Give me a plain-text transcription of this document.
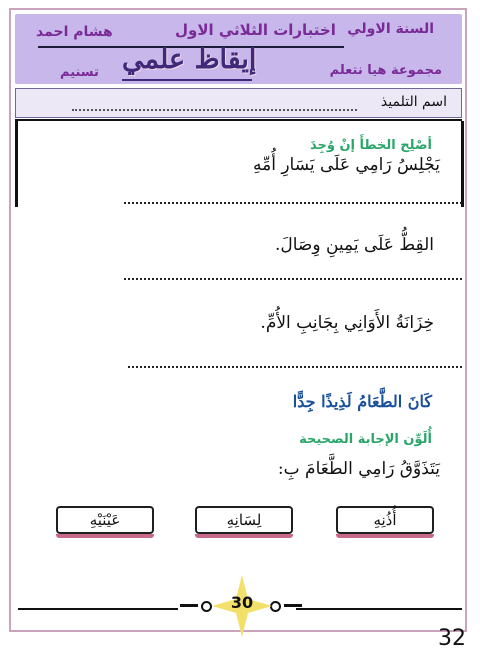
السنة الاولي
اختبارات الثلاثي الاول
هشام احمد
مجموعة هيا نتعلم
تسنيم إيقاظ علمي
اسم التلميذ
أصْلِح الخطأَ إنْ وُجِدَ
يَجْلِسُ رَامِي عَلَى يَسَارِ أُمِّهِ
القِطُّ عَلَى يَمِينِ وِصَالَ.
خِزَانَةُ الأَوَانِي بِجَانِبِ الأُمِّ.
كَانَ الطَّعَامُ لَذِيذًا جِدًّا
أُلَوِّن الإجابة الصحيحة
يَتَذَوَّقُ رَامِي الطَّعَامَ بِ:
أُذُنِهِ
لِسَانِهِ
عَيْنَيْهِ
30
32
